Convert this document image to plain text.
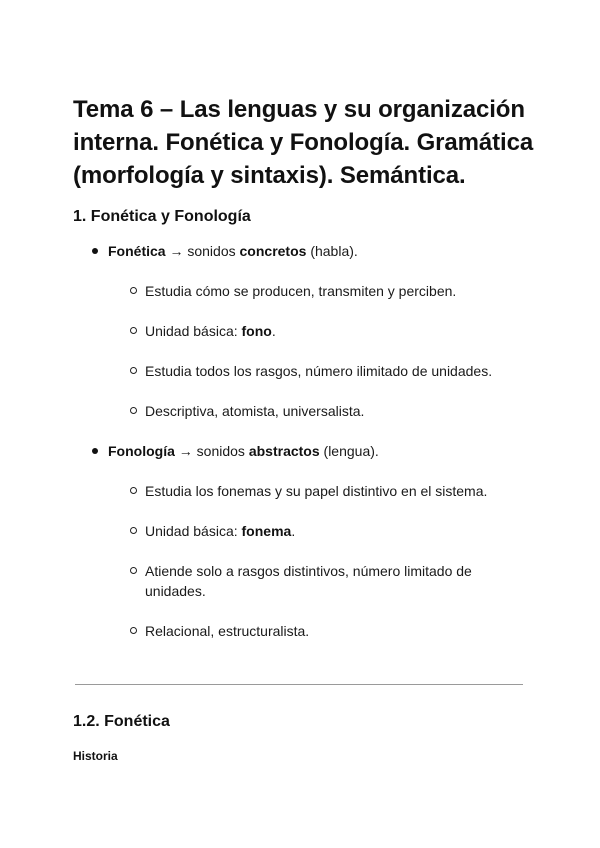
Tema 6 – Las lenguas y su organización interna. Fonética y Fonología. Gramática (morfología y sintaxis). Semántica.
1. Fonética y Fonología
Fonética → sonidos concretos (habla).
Estudia cómo se producen, transmiten y perciben.
Unidad básica: fono.
Estudia todos los rasgos, número ilimitado de unidades.
Descriptiva, atomista, universalista.
Fonología → sonidos abstractos (lengua).
Estudia los fonemas y su papel distintivo en el sistema.
Unidad básica: fonema.
Atiende solo a rasgos distintivos, número limitado de unidades.
Relacional, estructuralista.
1.2. Fonética
Historia
